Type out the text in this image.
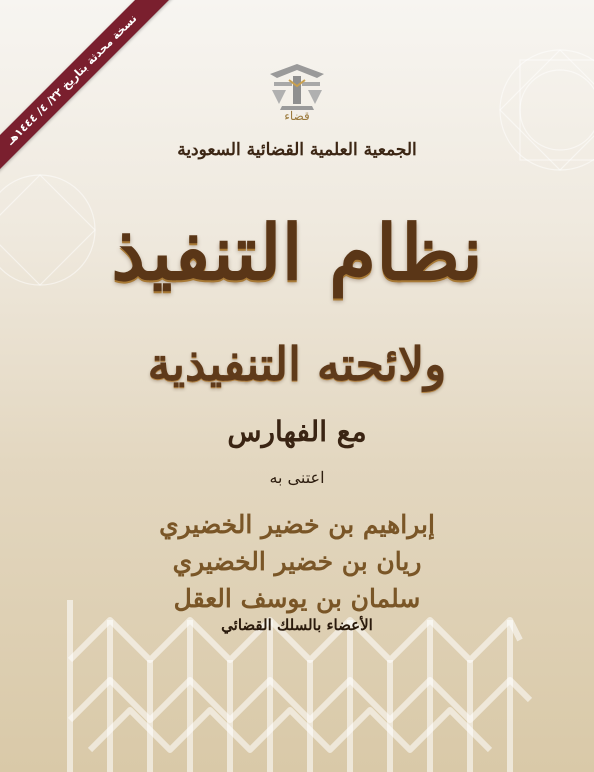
نسخة محدثة بتاريخ ٢٢/ ٤/ ١٤٤٤هـ
قضاء
الجمعية العلمية القضائية السعودية
نظام التنفيذ
ولائحته التنفيذية
مع الفهارس
اعتنى به
إبراهيم بن خضير الخضيري
ريان بن خضير الخضيري
سلمان بن يوسف العقل
الأعضاء بالسلك القضائي
